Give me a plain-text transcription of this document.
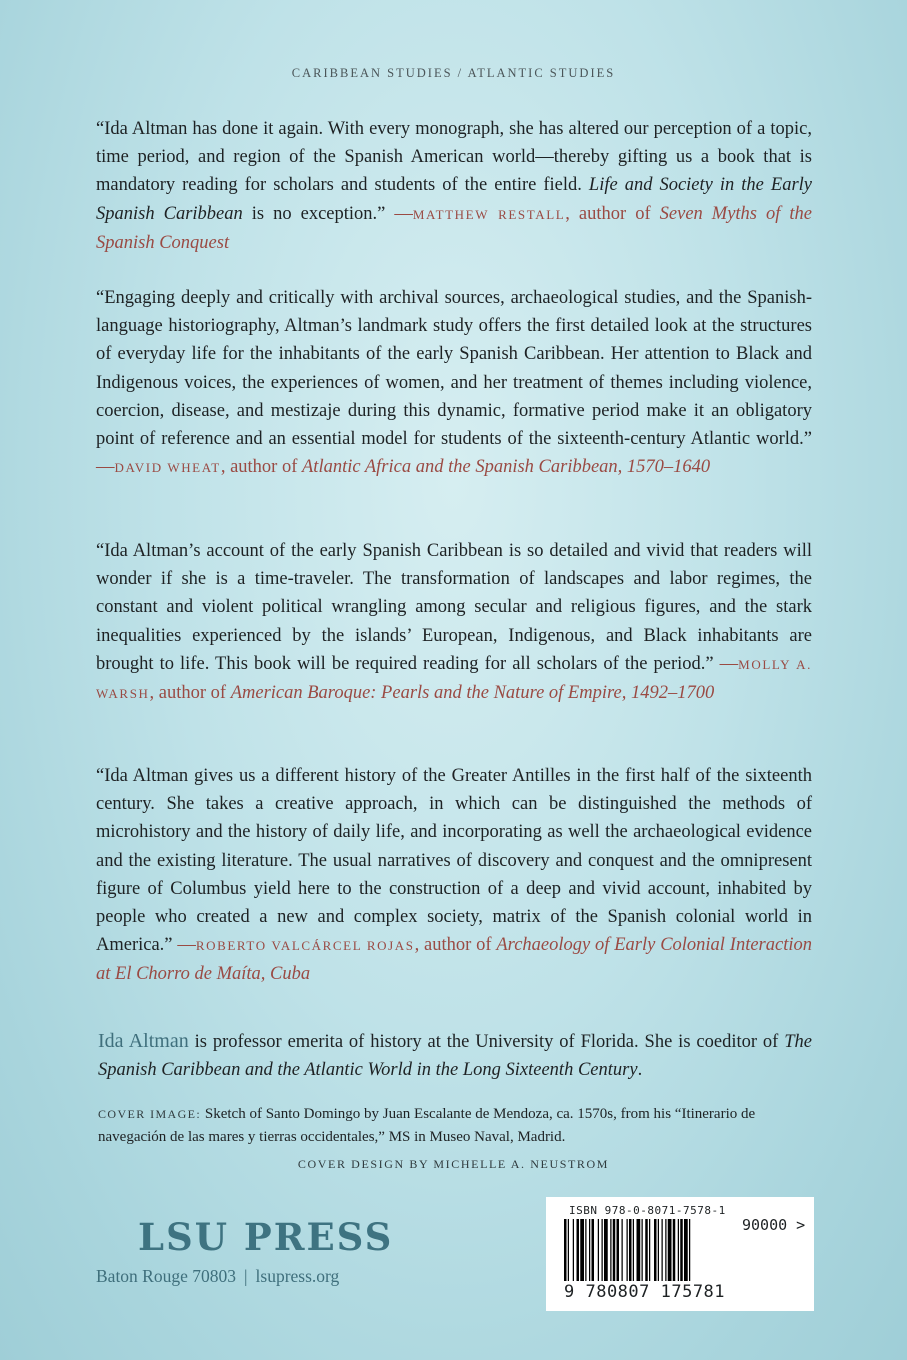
CARIBBEAN STUDIES / ATLANTIC STUDIES
“Ida Altman has done it again. With every monograph, she has altered our perception of a topic, time period, and region of the Spanish American world—thereby gifting us a book that is mandatory reading for scholars and students of the entire field. Life and Society in the Early Spanish Caribbean is no exception.” —MATTHEW RESTALL, author of Seven Myths of the Spanish Conquest
“Engaging deeply and critically with archival sources, archaeological studies, and the Spanish-language historiography, Altman’s landmark study offers the first detailed look at the structures of everyday life for the inhabitants of the early Spanish Caribbean. Her attention to Black and Indigenous voices, the experiences of women, and her treatment of themes including violence, coercion, disease, and mestizaje during this dynamic, formative period make it an obligatory point of reference and an essential model for students of the sixteenth-century Atlantic world.” —DAVID WHEAT, author of Atlantic Africa and the Spanish Caribbean, 1570–1640
“Ida Altman’s account of the early Spanish Caribbean is so detailed and vivid that readers will wonder if she is a time-traveler. The transformation of landscapes and labor regimes, the constant and violent political wrangling among secular and religious figures, and the stark inequalities experienced by the islands’ European, Indigenous, and Black inhabitants are brought to life. This book will be required reading for all scholars of the period.” —MOLLY A. WARSH, author of American Baroque: Pearls and the Nature of Empire, 1492–1700
“Ida Altman gives us a different history of the Greater Antilles in the first half of the sixteenth century. She takes a creative approach, in which can be distinguished the methods of microhistory and the history of daily life, and incorporating as well the archaeological evidence and the existing literature. The usual narratives of discovery and conquest and the omnipresent figure of Columbus yield here to the construction of a deep and vivid account, inhabited by people who created a new and complex society, matrix of the Spanish colonial world in America.” —ROBERTO VALCÁRCEL ROJAS, author of Archaeology of Early Colonial Interaction at El Chorro de Maíta, Cuba
Ida Altman is professor emerita of history at the University of Florida. She is coeditor of The Spanish Caribbean and the Atlantic World in the Long Sixteenth Century.
COVER IMAGE: Sketch of Santo Domingo by Juan Escalante de Mendoza, ca. 1570s, from his “Itinerario de navegación de las mares y tierras occidentales,” MS in Museo Naval, Madrid.
COVER DESIGN BY MICHELLE A. NEUSTROM
LSU PRESS
Baton Rouge 70803 | lsupress.org
ISBN 978-0-8071-7578-1
90000 >
9 780807 175781
